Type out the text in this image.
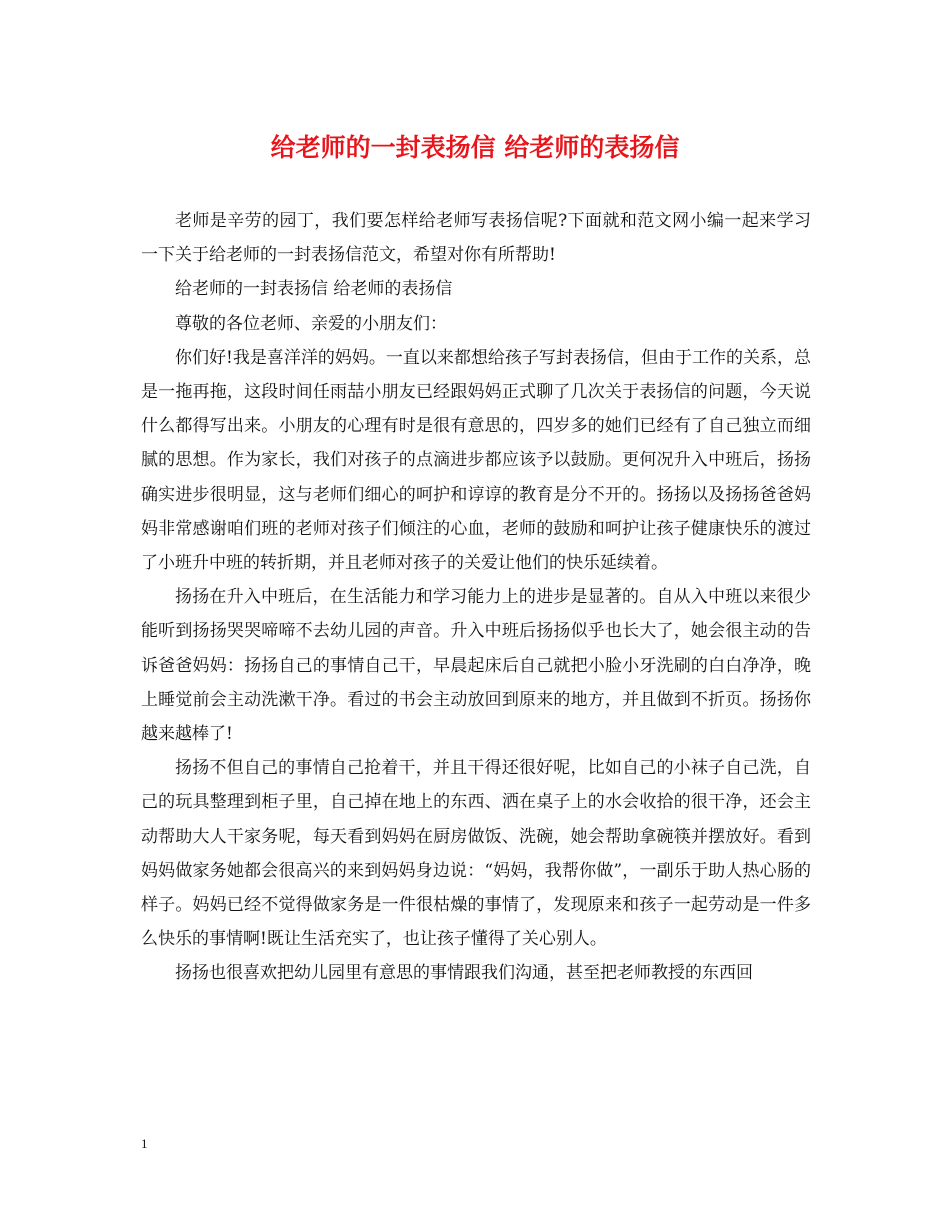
给老师的一封表扬信 给老师的表扬信

老师是辛劳的园丁，我们要怎样给老师写表扬信呢?下面就和范文网小编一起来学习一下关于给老师的一封表扬信范文，希望对你有所帮助!

给老师的一封表扬信 给老师的表扬信

尊敬的各位老师、亲爱的小朋友们：

你们好!我是喜洋洋的妈妈。一直以来都想给孩子写封表扬信，但由于工作的关系，总是一拖再拖，这段时间任雨喆小朋友已经跟妈妈正式聊了几次关于表扬信的问题，今天说什么都得写出来。小朋友的心理有时是很有意思的，四岁多的她们已经有了自己独立而细腻的思想。作为家长，我们对孩子的点滴进步都应该予以鼓励。更何况升入中班后，扬扬确实进步很明显，这与老师们细心的呵护和谆谆的教育是分不开的。扬扬以及扬扬爸爸妈妈非常感谢咱们班的老师对孩子们倾注的心血，老师的鼓励和呵护让孩子健康快乐的渡过了小班升中班的转折期，并且老师对孩子的关爱让他们的快乐延续着。

扬扬在升入中班后，在生活能力和学习能力上的进步是显著的。自从入中班以来很少能听到扬扬哭哭啼啼不去幼儿园的声音。升入中班后扬扬似乎也长大了，她会很主动的告诉爸爸妈妈：扬扬自己的事情自己干，早晨起床后自己就把小脸小牙洗刷的白白净净，晚上睡觉前会主动洗漱干净。看过的书会主动放回到原来的地方，并且做到不折页。扬扬你越来越棒了!

扬扬不但自己的事情自己抢着干，并且干得还很好呢，比如自己的小袜子自己洗，自己的玩具整理到柜子里，自己掉在地上的东西、洒在桌子上的水会收拾的很干净，还会主动帮助大人干家务呢，每天看到妈妈在厨房做饭、洗碗，她会帮助拿碗筷并摆放好。看到妈妈做家务她都会很高兴的来到妈妈身边说：“妈妈，我帮你做”，一副乐于助人热心肠的样子。妈妈已经不觉得做家务是一件很枯燥的事情了，发现原来和孩子一起劳动是一件多么快乐的事情啊!既让生活充实了，也让孩子懂得了关心别人。

扬扬也很喜欢把幼儿园里有意思的事情跟我们沟通，甚至把老师教授的东西回

1
